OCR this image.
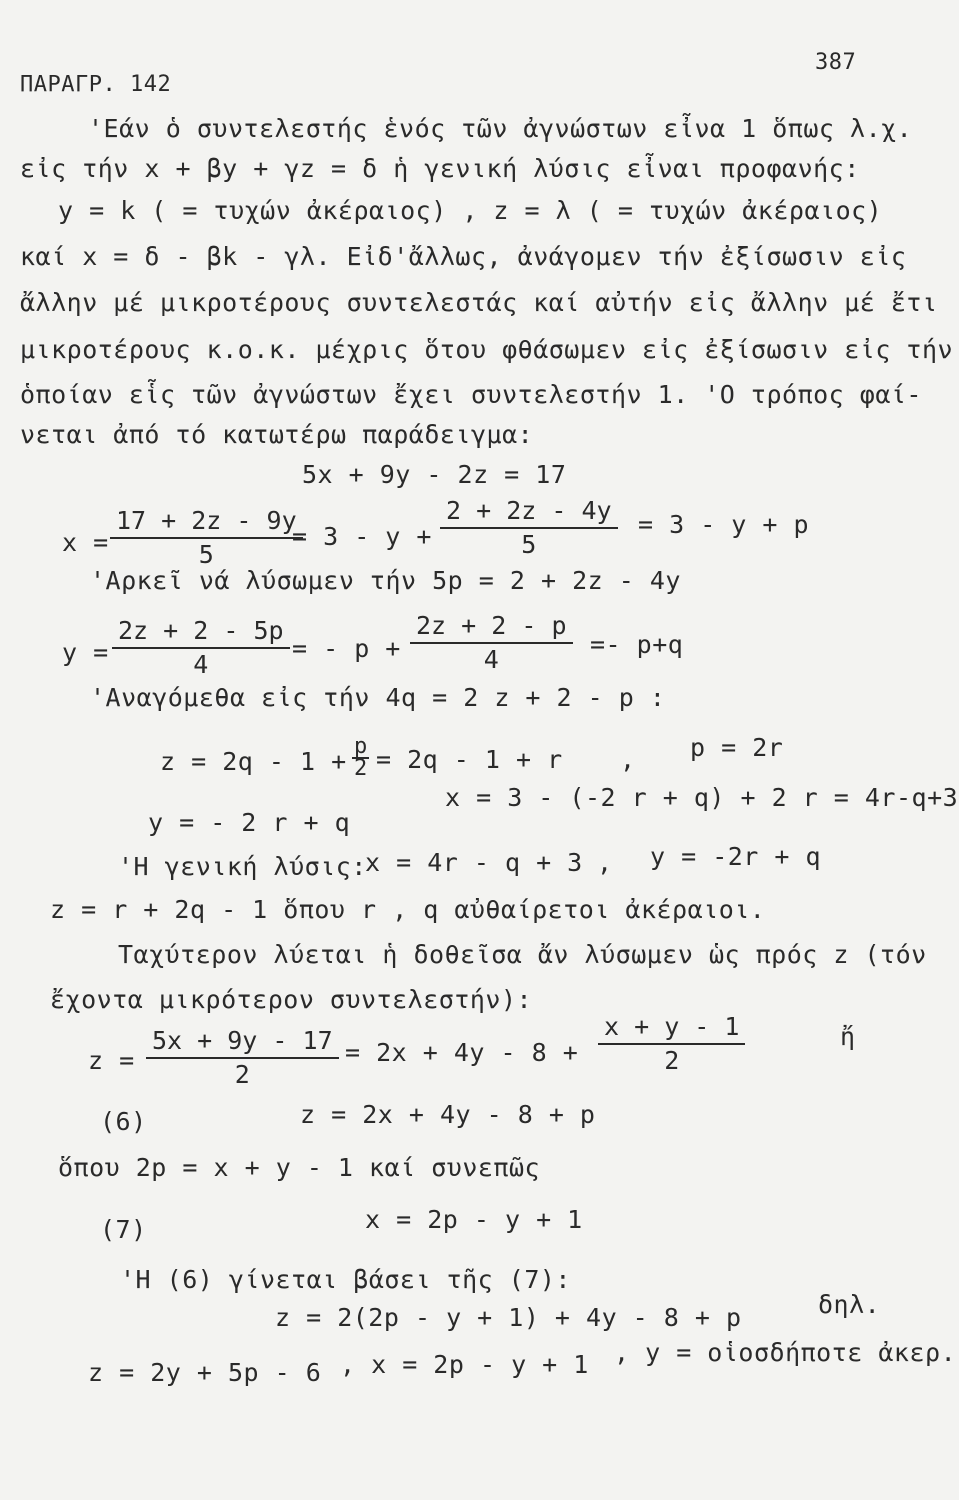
ΠΑΡΑΓΡ. 142
387
'Εάν ὁ συντελεστής ἑνός τῶν ἀγνώστων εἶνα 1 ὅπως λ.χ.
εἰς τήν x + βy + γz = δ ἡ γενική λύσις εἶναι προφανής:
y = k ( = τυχών ἀκέραιος) , z = λ ( = τυχών ἀκέραιος)
καί x = δ - βk - γλ. Εἰδ'ἄλλως, ἀνάγομεν τήν ἐξίσωσιν εἰς
ἄλλην μέ μικροτέρους συντελεστάς καί αὐτήν εἰς ἄλλην μέ ἔτι
μικροτέρους κ.ο.κ. μέχρις ὅτου φθάσωμεν εἰς ἐξίσωσιν εἰς τήν
ὁποίαν εἷς τῶν ἀγνώστων ἔχει συντελεστήν 1. 'Ο τρόπος φαί-
νεται ἀπό τό κατωτέρω παράδειγμα:
5x + 9y - 2z = 17
$x = \frac{17 + 2z - 9y}{5}$
= $3 - y + \frac{2 + 2z - 4y}{5} = 3 - y + p$
'Αρκεῖ νά λύσωμεν τήν 5p = 2 + 2z - 4y
$y = \frac{2z + 2 - 5p}{4}$ = - $p + \frac{2z + 2 - p}{4} =- p+q$
'Αναγόμεθα εἰς τήν 4q = 2 z + 2 - p :
$z = 2q - 1 + \frac{p}{2} = 2q - 1 + r$ , p = 2r
y = - 2 r + q
x = 3 - (-2 r + q) + 2 r = 4r-q+3
'Η γενική λύσις:
x = 4r - q + 3 , y = -2r + q
z = r + 2q - 1 ὅπου r , q αὐθαίρετοι ἀκέραιοι.
Ταχύτερον λύεται ἡ δοθεῖσα ἄν λύσωμεν ὡς πρός z (τόν
ἔχοντα μικρότερον συντελεστήν):
$z = \frac{5x + 9y - 17}{2} = 2x + 4y - 8 + \frac{x + y - 1}{2}$	ἤ
(6)	z = 2x + 4y - 8 + p
ὅπου 2p = x + y - 1 καί συνεπῶς
(7)	x = 2p - y + 1
'Η (6) γίνεται βάσει τῆς (7):
z = 2(2p - y + 1) + 4y - 8 + p	δηλ.
z = 2y + 5p - 6 , x = 2p - y + 1 , y = οἱοσδήποτε ἀκερ.
